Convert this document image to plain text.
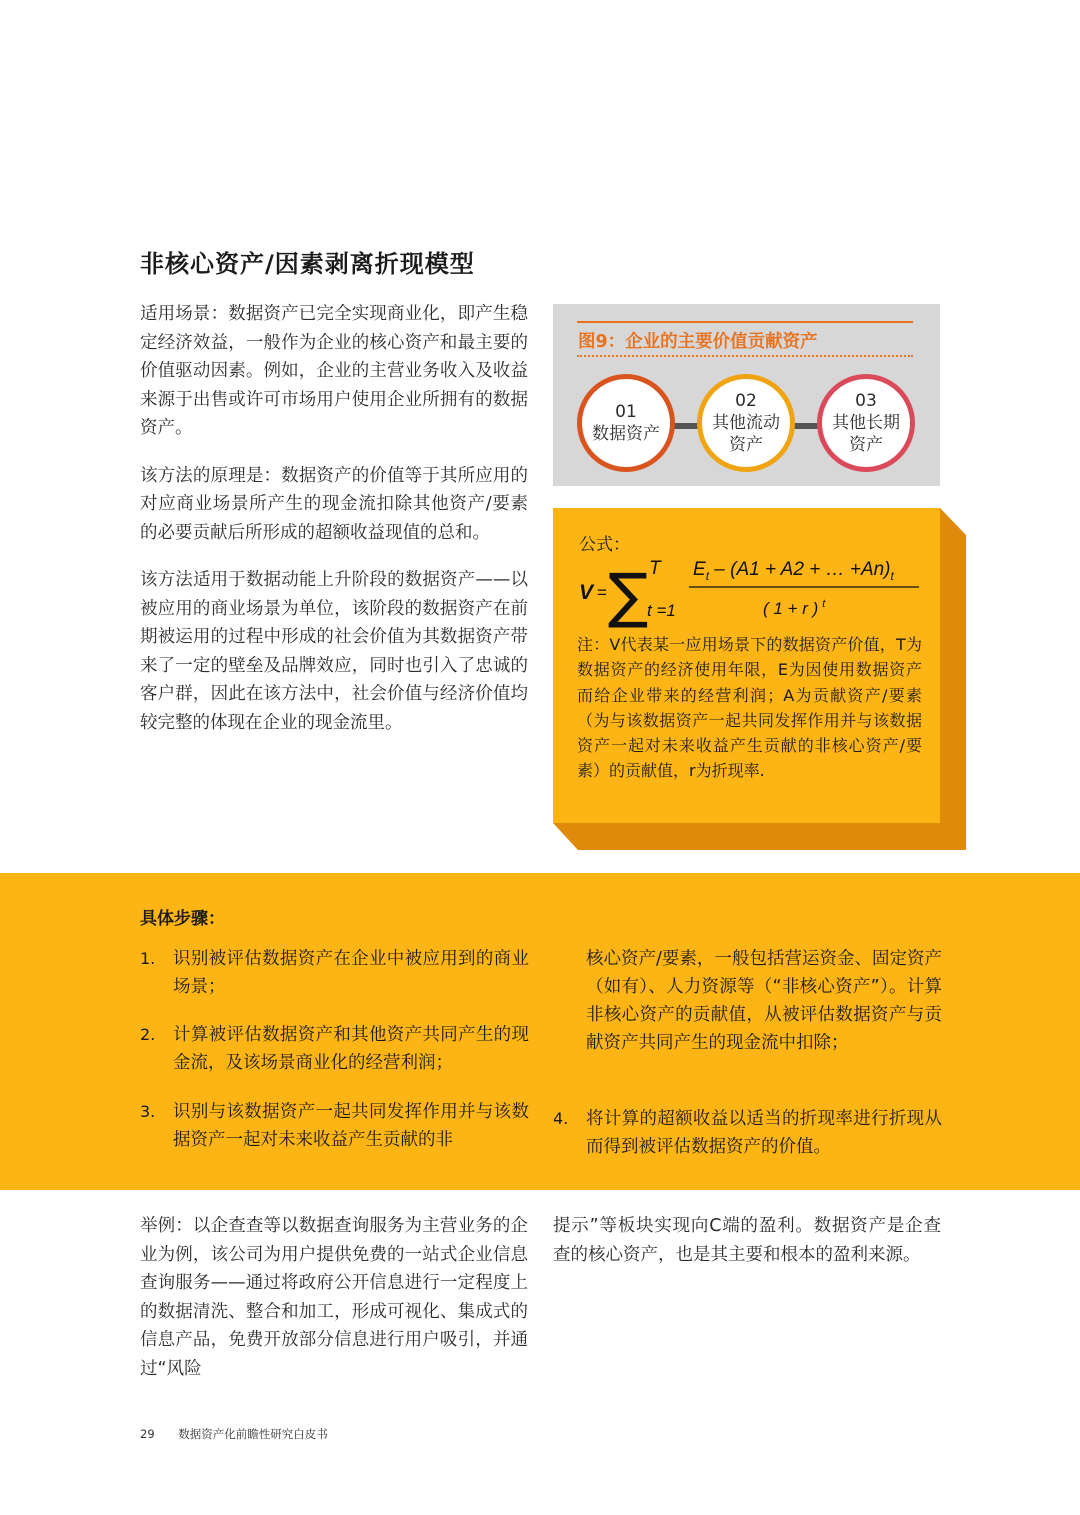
非核心资产/因素剥离折现模型

适用场景：数据资产已完全实现商业化，即产生稳定经济效益，一般作为企业的核心资产和最主要的价值驱动因素。例如，企业的主营业务收入及收益来源于出售或许可市场用户使用企业所拥有的数据资产。

该方法的原理是：数据资产的价值等于其所应用的对应商业场景所产生的现金流扣除其他资产/要素的必要贡献后所形成的超额收益现值的总和。

该方法适用于数据动能上升阶段的数据资产——以被应用的商业场景为单位，该阶段的数据资产在前期被运用的过程中形成的社会价值为其数据资产带来了一定的壁垒及品牌效应，同时也引入了忠诚的客户群，因此在该方法中，社会价值与经济价值均较完整的体现在企业的现金流里。

图9：企业的主要价值贡献资产
01
数据资产
02
其他流动
资产
03
其他长期
资产
公式：
V = ∑ T
t =1
$E_t - (A1 + A2$ + … $+An)_t$
( 1 + r ) $^t$
注：V代表某一应用场景下的数据资产价值，T为数据资产的经济使用年限，E为因使用数据资产而给企业带来的经营利润；A为贡献资产/要素（为与该数据资产一起共同发挥作用并与该数据资产一起对未来收益产生贡献的非核心资产/要素）的贡献值，r为折现率.
具体步骤：
1. 识别被评估数据资产在企业中被应用到的商业场景；
2. 计算被评估数据资产和其他资产共同产生的现金流，及该场景商业化的经营利润；
3. 识别与该数据资产一起共同发挥作用并与该数据资产一起对未来收益产生贡献的非
核心资产/要素，一般包括营运资金、固定资产（如有）、人力资源等（“非核心资产”）。计算非核心资产的贡献值，从被评估数据资产与贡献资产共同产生的现金流中扣除；
4. 将计算的超额收益以适当的折现率进行折现从而得到被评估数据资产的价值。

举例：以企查查等以数据查询服务为主营业务的企业为例，该公司为用户提供免费的一站式企业信息查询服务——通过将政府公开信息进行一定程度上的数据清洗、整合和加工，形成可视化、集成式的信息产品，免费开放部分信息进行用户吸引，并通过“风险

提示”等板块实现向C端的盈利。数据资产是企查查的核心资产，也是其主要和根本的盈利来源。

29 数据资产化前瞻性研究白皮书
